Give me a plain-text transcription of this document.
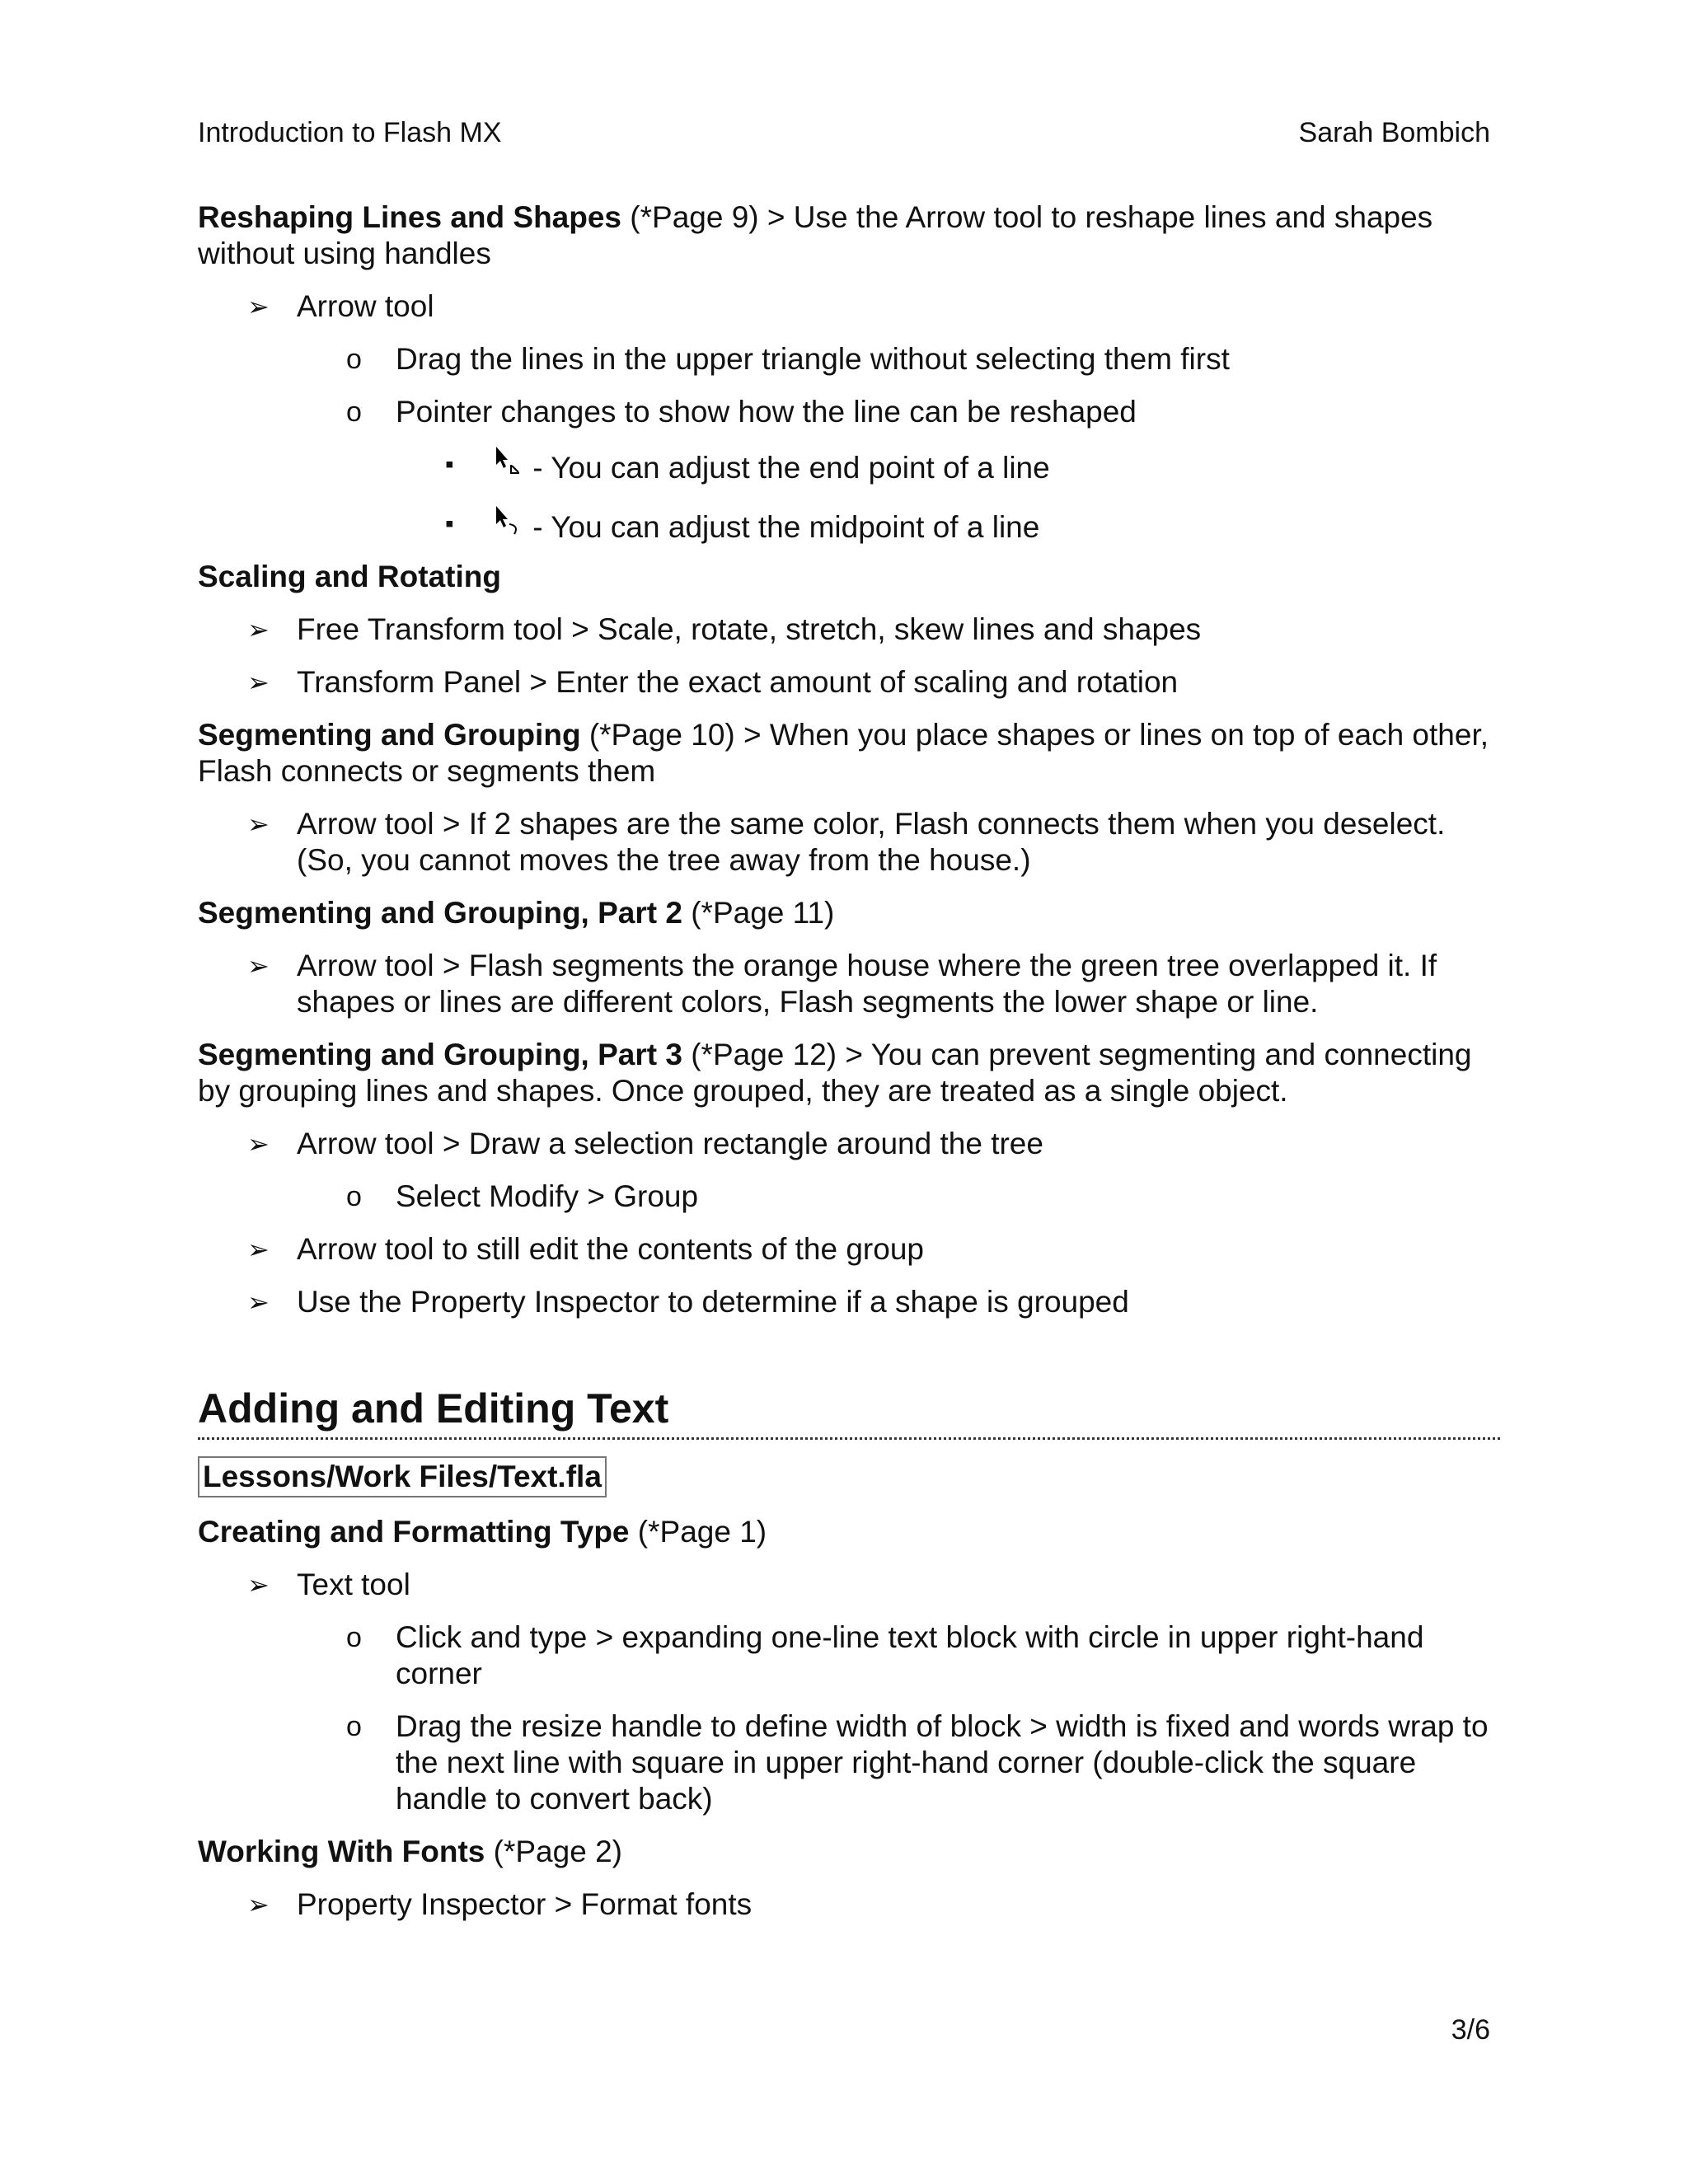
Introduction to Flash MX	Sarah Bombich

Reshaping Lines and Shapes (*Page 9) > Use the Arrow tool to reshape lines and shapes without using handles

➢ Arrow tool
o Drag the lines in the upper triangle without selecting them first
o Pointer changes to show how the line can be reshaped
▪ - You can adjust the end point of a line
▪ - You can adjust the midpoint of a line

Scaling and Rotating

➢ Free Transform tool > Scale, rotate, stretch, skew lines and shapes
➢ Transform Panel > Enter the exact amount of scaling and rotation

Segmenting and Grouping (*Page 10) > When you place shapes or lines on top of each other, Flash connects or segments them

➢ Arrow tool > If 2 shapes are the same color, Flash connects them when you deselect. (So, you cannot moves the tree away from the house.)

Segmenting and Grouping, Part 2 (*Page 11)

➢ Arrow tool > Flash segments the orange house where the green tree overlapped it. If shapes or lines are different colors, Flash segments the lower shape or line.

Segmenting and Grouping, Part 3 (*Page 12) > You can prevent segmenting and connecting by grouping lines and shapes. Once grouped, they are treated as a single object.

➢ Arrow tool > Draw a selection rectangle around the tree
o Select Modify > Group
➢ Arrow tool to still edit the contents of the group
➢ Use the Property Inspector to determine if a shape is grouped
Adding and Editing Text
Lessons/Work Files/Text.fla

Creating and Formatting Type (*Page 1)

➢ Text tool
o Click and type > expanding one-line text block with circle in upper right-hand corner
o Drag the resize handle to define width of block > width is fixed and words wrap to the next line with square in upper right-hand corner (double-click the square handle to convert back)

Working With Fonts (*Page 2)

➢ Property Inspector > Format fonts
3/6
